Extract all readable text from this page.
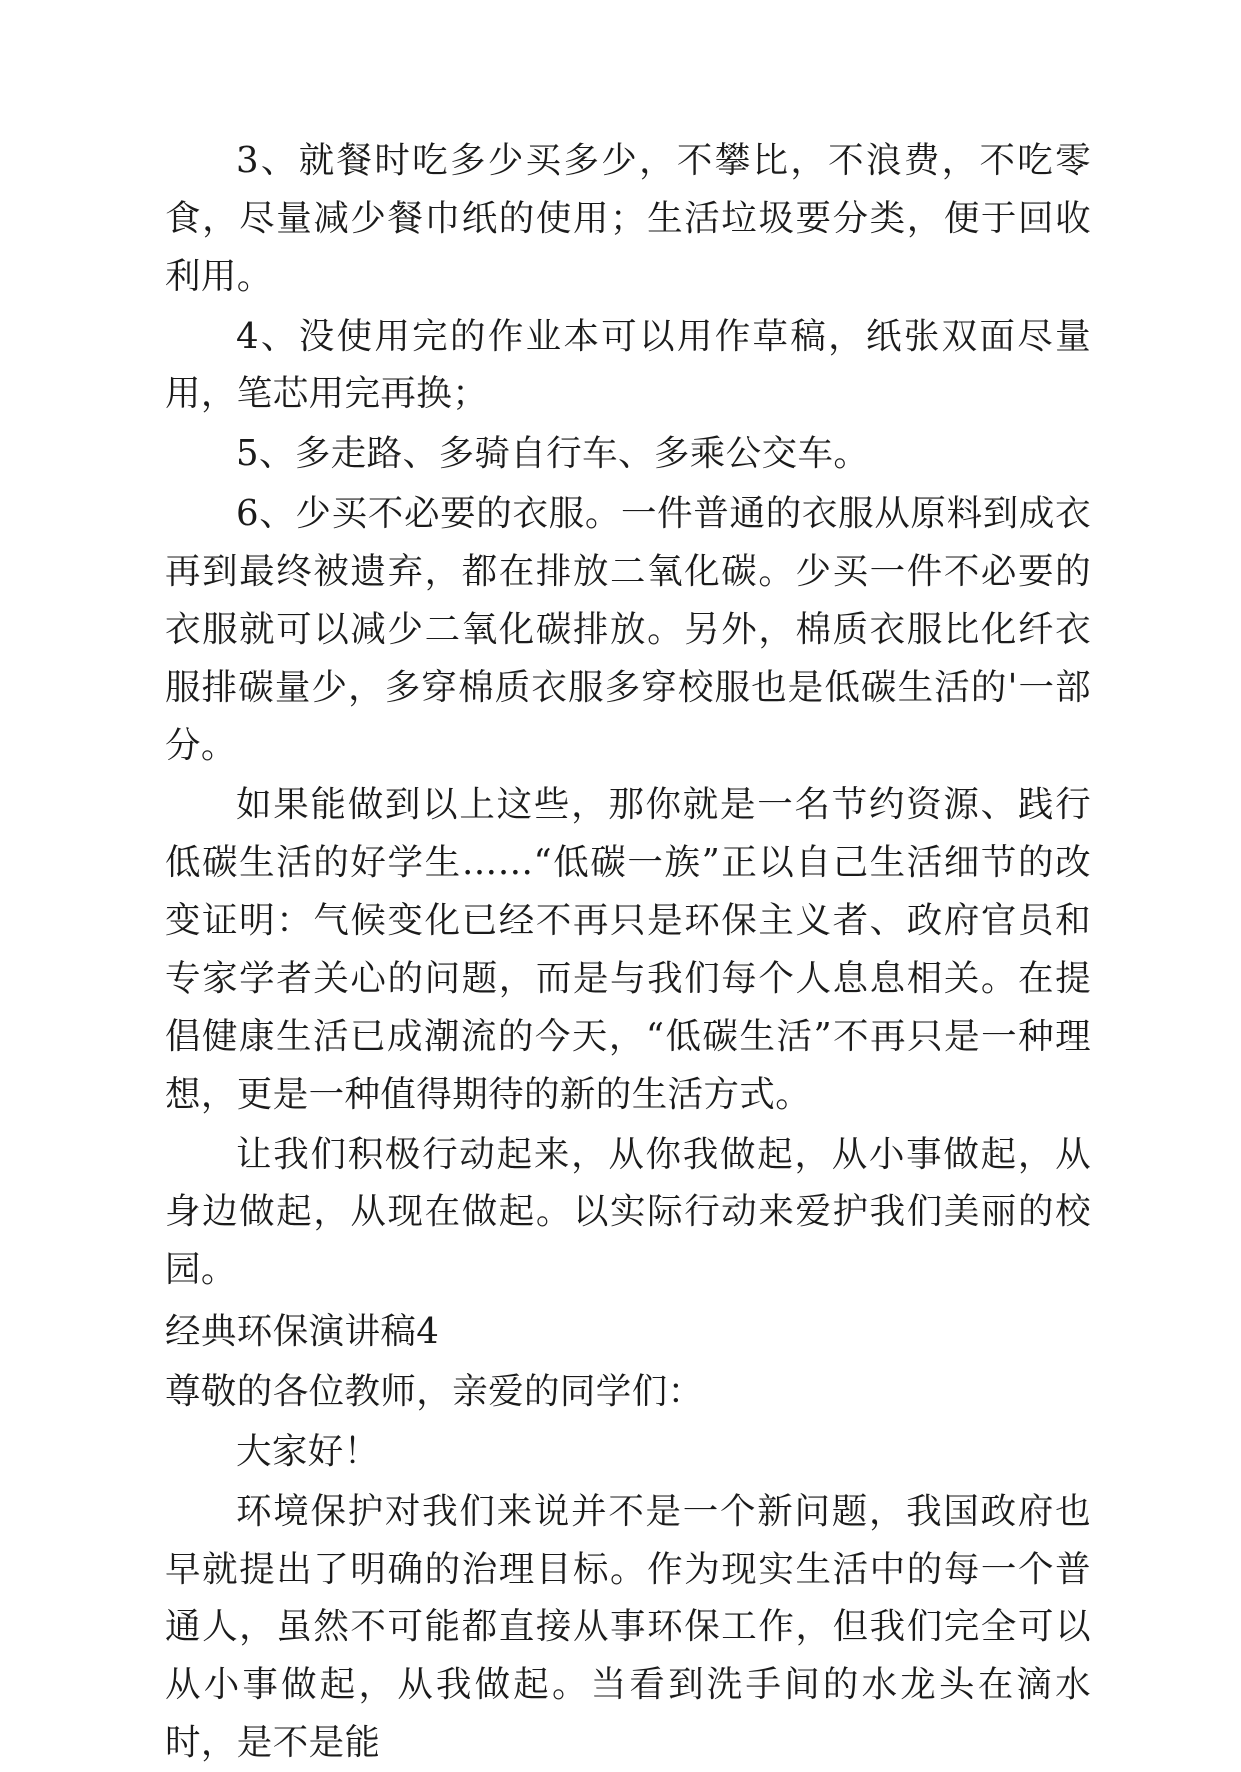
3、就餐时吃多少买多少，不攀比，不浪费，不吃零食，尽量减少餐巾纸的使用；生活垃圾要分类，便于回收利用。

4、没使用完的作业本可以用作草稿，纸张双面尽量用，笔芯用完再换；

5、多走路、多骑自行车、多乘公交车。

6、少买不必要的衣服。一件普通的衣服从原料到成衣再到最终被遗弃，都在排放二氧化碳。少买一件不必要的衣服就可以减少二氧化碳排放。另外，棉质衣服比化纤衣服排碳量少，多穿棉质衣服多穿校服也是低碳生活的'一部分。

如果能做到以上这些，那你就是一名节约资源、践行低碳生活的好学生……“低碳一族”正以自己生活细节的改变证明：气候变化已经不再只是环保主义者、政府官员和专家学者关心的问题，而是与我们每个人息息相关。在提倡健康生活已成潮流的今天，“低碳生活”不再只是一种理想，更是一种值得期待的新的生活方式。

让我们积极行动起来，从你我做起，从小事做起，从身边做起，从现在做起。以实际行动来爱护我们美丽的校园。

经典环保演讲稿4

尊敬的各位教师，亲爱的同学们：

大家好！

环境保护对我们来说并不是一个新问题，我国政府也早就提出了明确的治理目标。作为现实生活中的每一个普通人，虽然不可能都直接从事环保工作，但我们完全可以从小事做起，从我做起。当看到洗手间的水龙头在滴水时，是不是能
